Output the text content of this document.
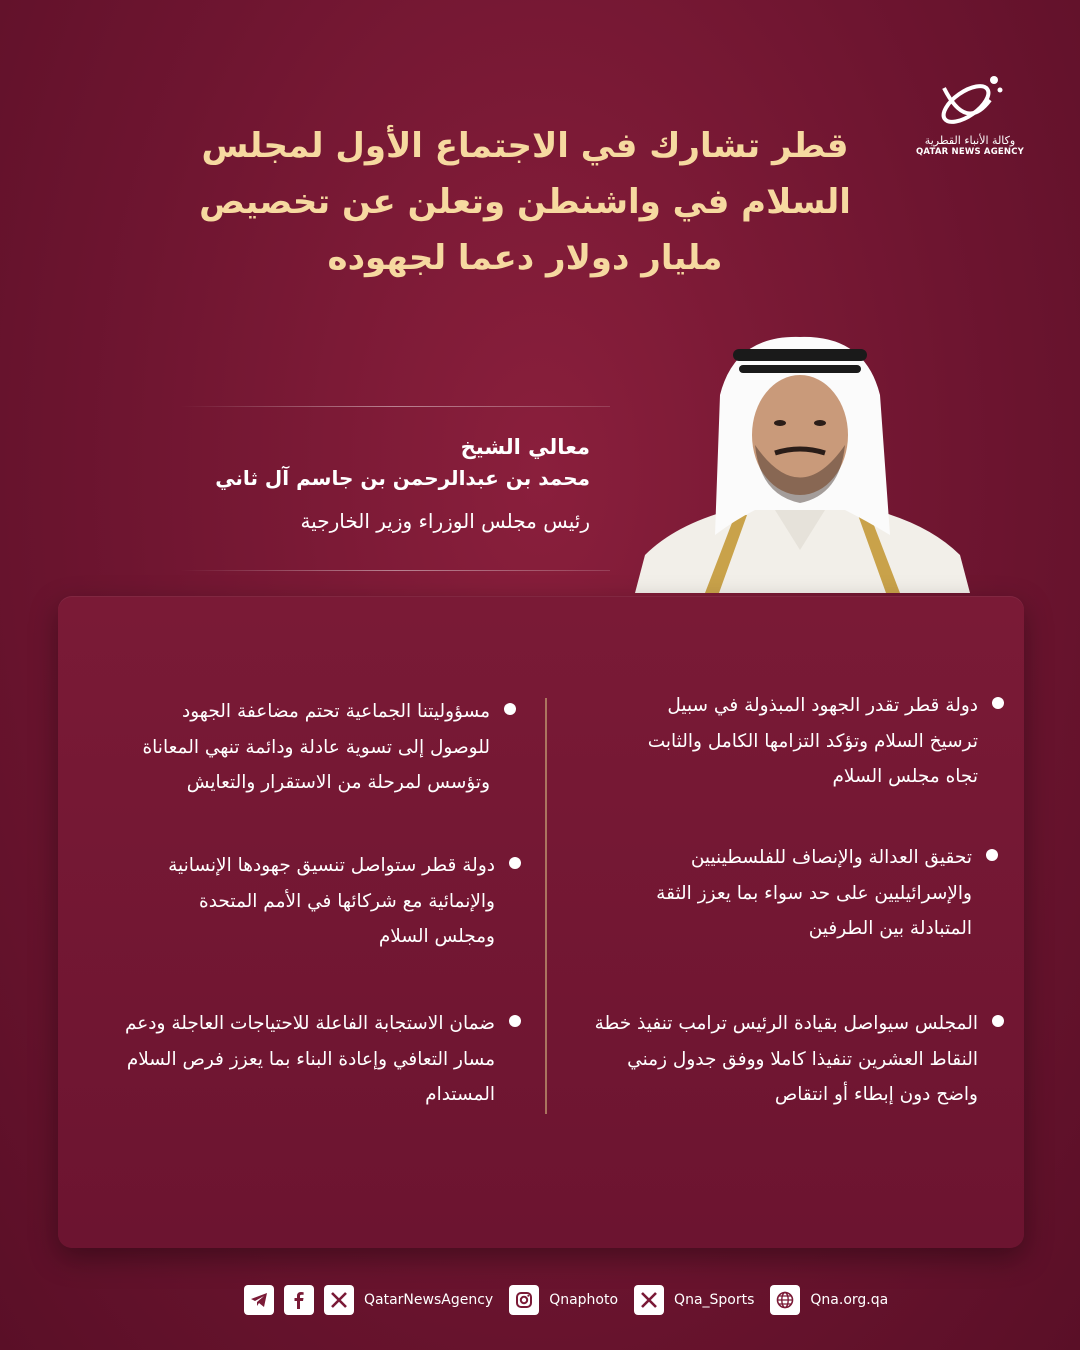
وكالة الأنباء القطرية
QATAR NEWS AGENCY
قطر تشارك في الاجتماع الأول لمجلس
السلام في واشنطن وتعلن عن تخصيص
مليار دولار دعما لجهوده
معالي الشيخ
محمد بن عبدالرحمن بن جاسم آل ثاني
رئيس مجلس الوزراء وزير الخارجية
دولة قطر تقدر الجهود المبذولة في سبيل
ترسيخ السلام وتؤكد التزامها الكامل والثابت
تجاه مجلس السلام
تحقيق العدالة والإنصاف للفلسطينيين
والإسرائيليين على حد سواء بما يعزز الثقة
المتبادلة بين الطرفين
المجلس سيواصل بقيادة الرئيس ترامب تنفيذ خطة
النقاط العشرين تنفيذا كاملا ووفق جدول زمني
واضح دون إبطاء أو انتقاص
مسؤوليتنا الجماعية تحتم مضاعفة الجهود
للوصول إلى تسوية عادلة ودائمة تنهي المعاناة
وتؤسس لمرحلة من الاستقرار والتعايش
دولة قطر ستواصل تنسيق جهودها الإنسانية
والإنمائية مع شركائها في الأمم المتحدة
ومجلس السلام
ضمان الاستجابة الفاعلة للاحتياجات العاجلة ودعم
مسار التعافي وإعادة البناء بما يعزز فرص السلام
المستدام
QatarNewsAgency	Qnaphoto	Qna_Sports	Qna.org.qa
